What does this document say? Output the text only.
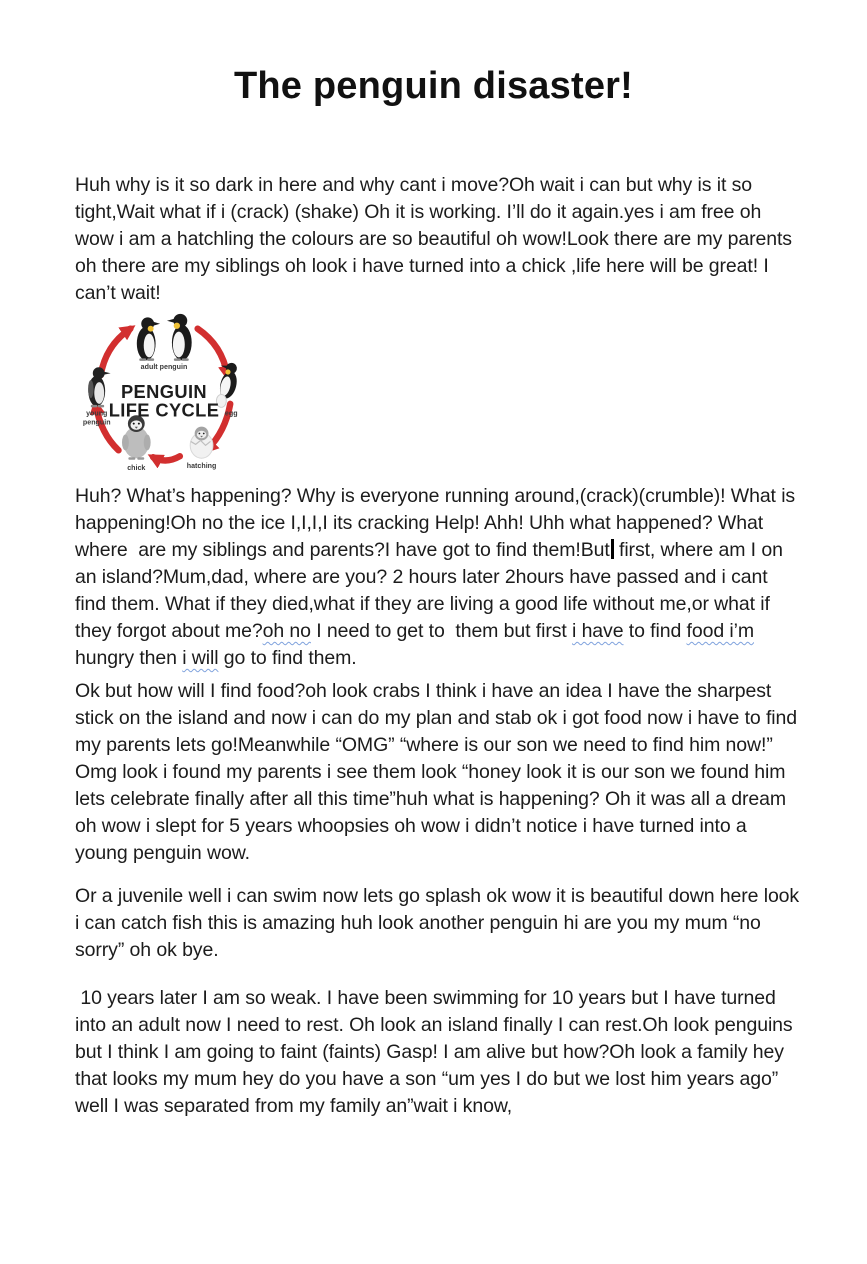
The penguin disaster!
Huh why is it so dark in here and why cant i move?Oh wait i can but why is it so
tight,Wait what if i (crack) (shake) Oh it is working. I’ll do it again.yes i am free oh
wow i am a hatchling the colours are so beautiful oh wow!Look there are my parents
oh there are my siblings oh look i have turned into a chick ,life here will be great! I
can’t wait!
adult penguin
egg
hatching
chick
young
penguin
PENGUIN
LIFE CYCLE
Huh? What’s happening? Why is everyone running around,(crack)(crumble)! What is
happening!Oh no the ice I,I,I,I its cracking Help! Ahh! Uhh what happened? What
where  are my siblings and parents?I have got to find them!But first, where am I on
an island?Mum,dad, where are you? 2 hours later 2hours have passed and i cant
find them. What if they died,what if they are living a good life without me,or what if
they forgot about me?oh no I need to get to  them but first i have to find food i’m
hungry then i will go to find them.
Ok but how will I find food?oh look crabs I think i have an idea I have the sharpest
stick on the island and now i can do my plan and stab ok i got food now i have to find
my parents lets go!Meanwhile “OMG” “where is our son we need to find him now!”
Omg look i found my parents i see them look “honey look it is our son we found him
lets celebrate finally after all this time”huh what is happening? Oh it was all a dream
oh wow i slept for 5 years whoopsies oh wow i didn’t notice i have turned into a
young penguin wow.
Or a juvenile well i can swim now lets go splash ok wow it is beautiful down here look
i can catch fish this is amazing huh look another penguin hi are you my mum “no
sorry” oh ok bye.
10 years later I am so weak. I have been swimming for 10 years but I have turned
into an adult now I need to rest. Oh look an island finally I can rest.Oh look penguins
but I think I am going to faint (faints) Gasp! I am alive but how?Oh look a family hey
that looks my mum hey do you have a son “um yes I do but we lost him years ago”
well I was separated from my family an”wait i know,
